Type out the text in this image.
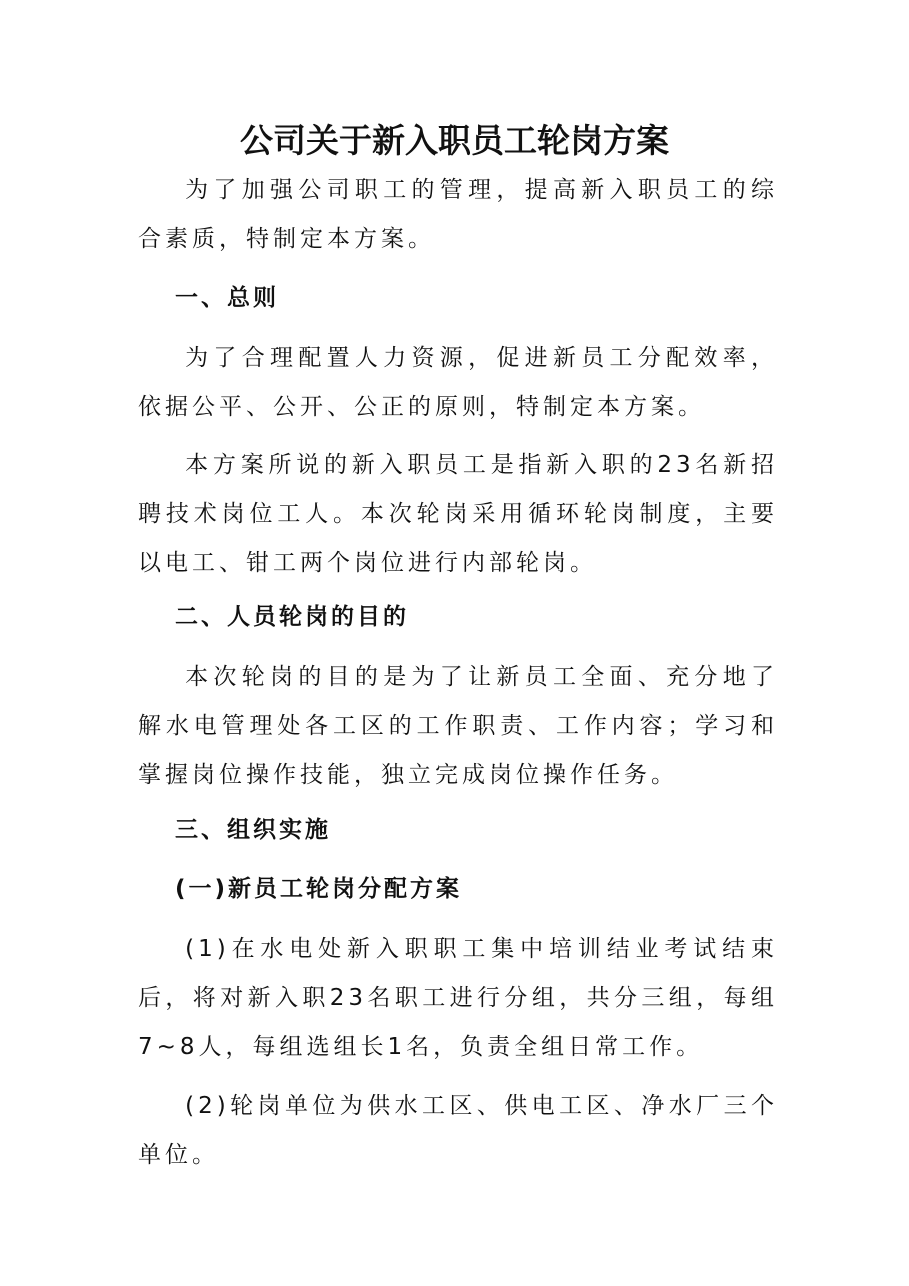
公司关于新入职员工轮岗方案

为了加强公司职工的管理，提高新入职员工的综合素质，特制定本方案。

一、总则

为了合理配置人力资源，促进新员工分配效率，依据公平、公开、公正的原则，特制定本方案。

本方案所说的新入职员工是指新入职的23名新招聘技术岗位工人。本次轮岗采用循环轮岗制度，主要以电工、钳工两个岗位进行内部轮岗。

二、人员轮岗的目的

本次轮岗的目的是为了让新员工全面、充分地了解水电管理处各工区的工作职责、工作内容；学习和掌握岗位操作技能，独立完成岗位操作任务。

三、组织实施
(一)新员工轮岗分配方案

(1)在水电处新入职职工集中培训结业考试结束后，将对新入职23名职工进行分组，共分三组，每组7~8人，每组选组长1名，负责全组日常工作。

(2)轮岗单位为供水工区、供电工区、净水厂三个单位。
